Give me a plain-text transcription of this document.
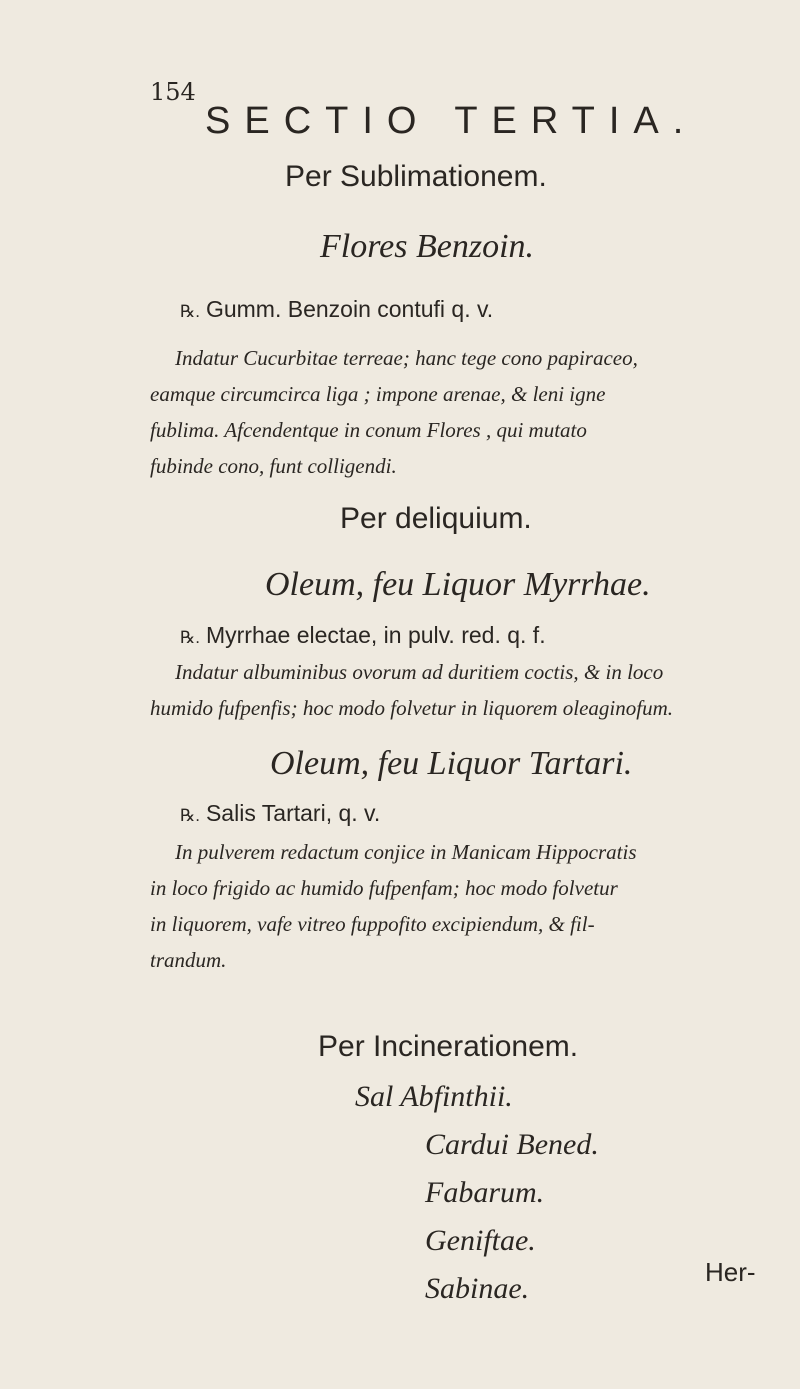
154
SECTIO TERTIA.
Per Sublimationem.
Flores Benzoin.
℞. Gumm. Benzoin contufi q. v.
Indatur Cucurbitae terreae; hanc tege cono papiraceo,
eamque circumcirca liga ; impone arenae, & leni igne
fublima. Afcendentque in conum Flores , qui mutato
fubinde cono, funt colligendi.
Per deliquium.
Oleum, feu Liquor Myrrhae.
℞. Myrrhae electae, in pulv. red. q. f.
Indatur albuminibus ovorum ad duritiem coctis, & in loco
humido fufpenfis; hoc modo folvetur in liquorem oleaginofum.
Oleum, feu Liquor Tartari.
℞. Salis Tartari, q. v.
In pulverem redactum conjice in Manicam Hippocratis
in loco frigido ac humido fufpenfam; hoc modo folvetur
in liquorem, vafe vitreo fuppofito excipiendum, & fil-
trandum.
Per Incinerationem.
Sal Abfinthii.
Cardui Bened.
Fabarum.
Geniftae.
Sabinae.	Her-
